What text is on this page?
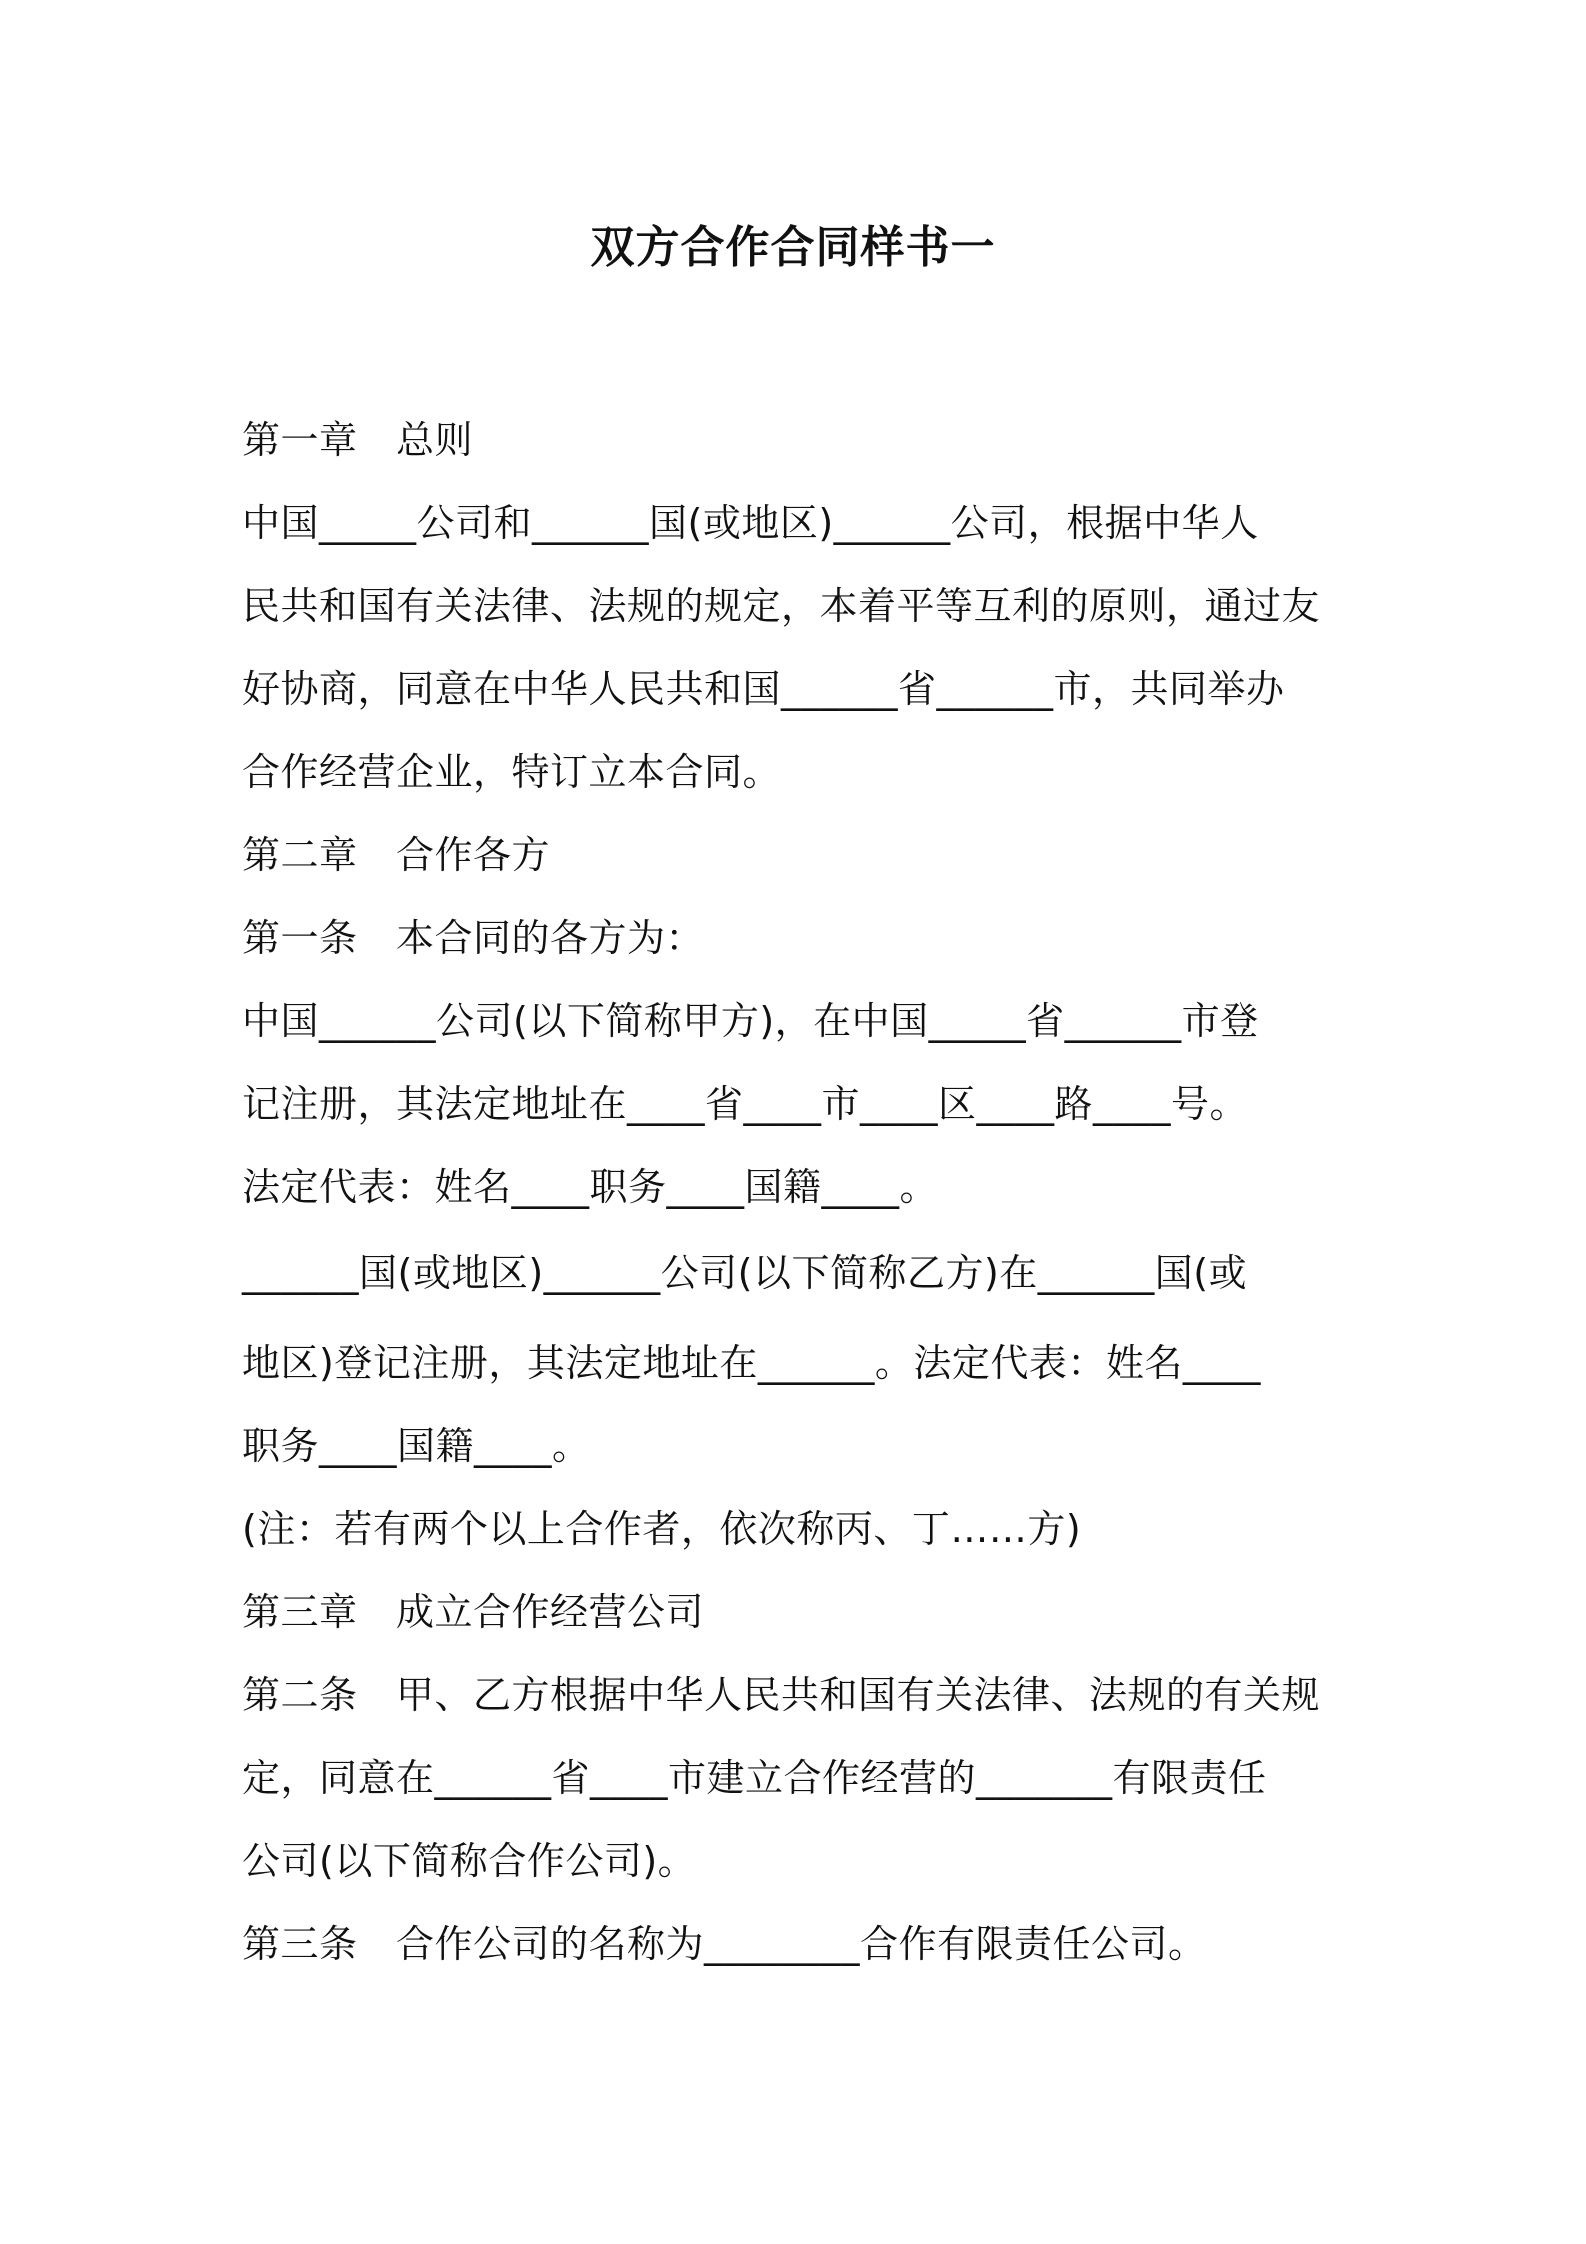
双方合作合同样书一
第一章　总则
中国_____公司和______国(或地区)______公司，根据中华人
民共和国有关法律、法规的规定，本着平等互利的原则，通过友
好协商，同意在中华人民共和国______省______市，共同举办
合作经营企业，特订立本合同。
第二章　合作各方
第一条　本合同的各方为：
中国______公司(以下简称甲方)，在中国_____省______市登
记注册，其法定地址在____省____市____区____路____号。
法定代表：姓名____职务____国籍____。
______国(或地区)______公司(以下简称乙方)在______国(或
地区)登记注册，其法定地址在______。法定代表：姓名____
职务____国籍____。
(注：若有两个以上合作者，依次称丙、丁……方)
第三章　成立合作经营公司
第二条　甲、乙方根据中华人民共和国有关法律、法规的有关规
定，同意在______省____市建立合作经营的_______有限责任
公司(以下简称合作公司)。
第三条　合作公司的名称为________合作有限责任公司。
